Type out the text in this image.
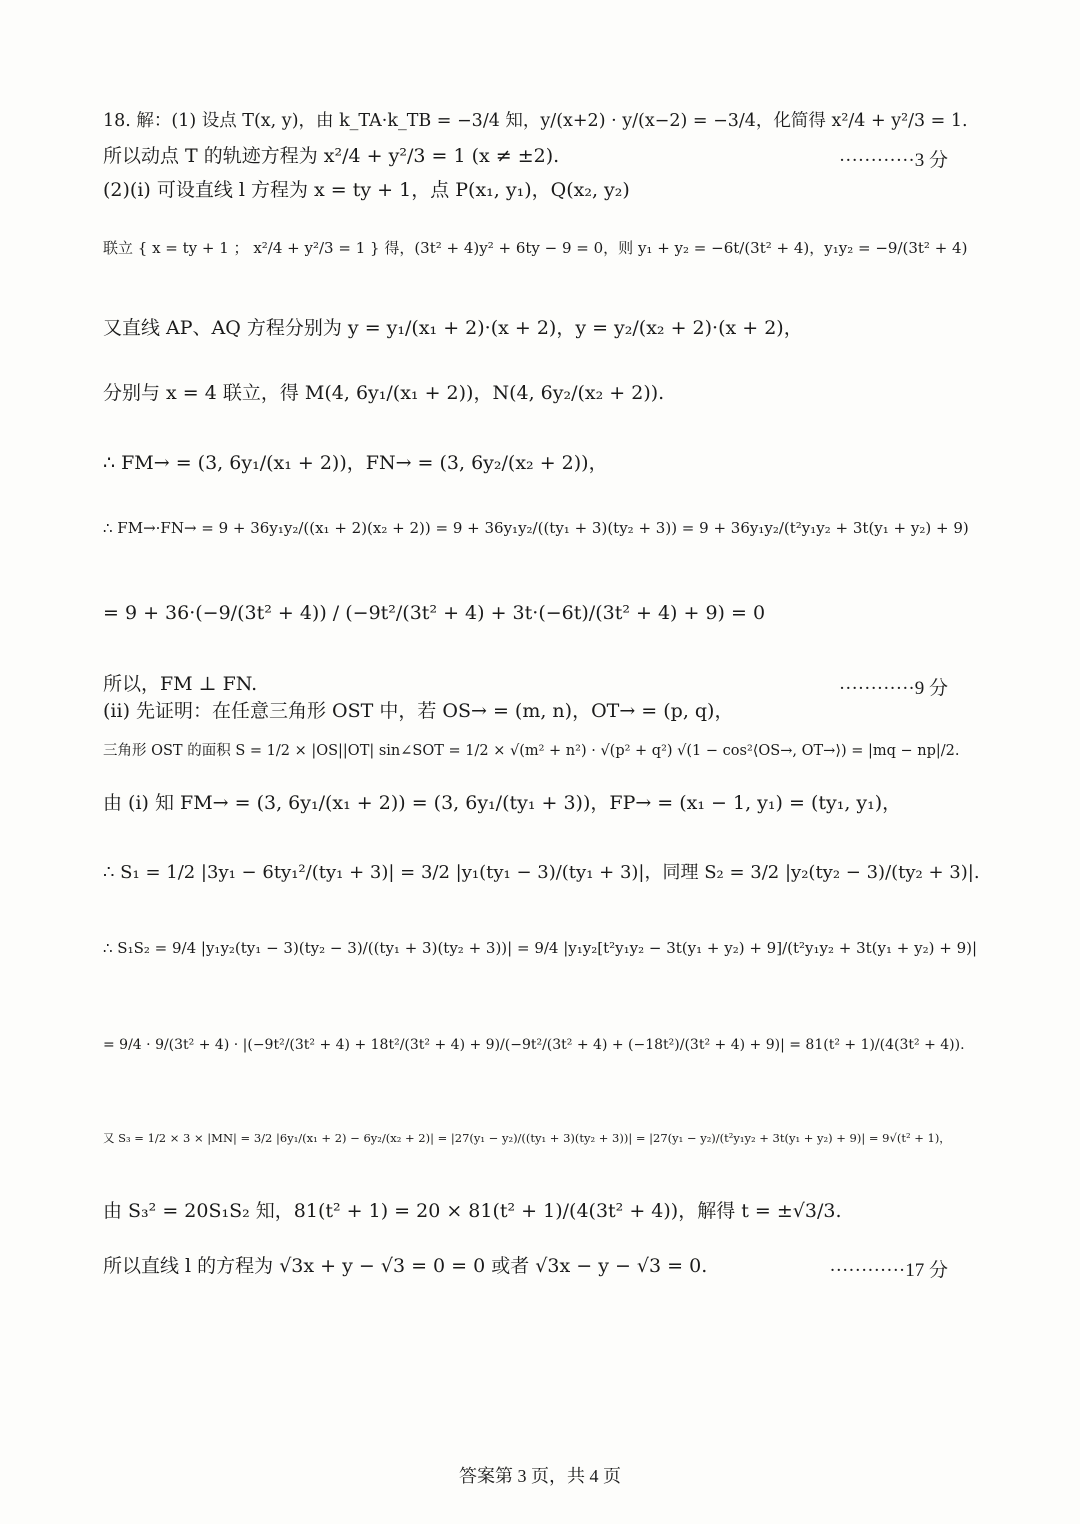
18. 解：(1) 设点 T(x, y)，由 k_TA·k_TB = −3/4 知，y/(x+2) · y/(x−2) = −3/4，化简得 x²/4 + y²/3 = 1.
所以动点 T 的轨迹方程为 x²/4 + y²/3 = 1 (x ≠ ±2).
(2)(i) 可设直线 l 方程为 x = ty + 1，点 P(x₁, y₁)，Q(x₂, y₂)
联立 { x = ty + 1 ； x²/4 + y²/3 = 1 } 得，(3t² + 4)y² + 6ty − 9 = 0，则 y₁ + y₂ = −6t/(3t² + 4)，y₁y₂ = −9/(3t² + 4)
又直线 AP、AQ 方程分别为 y = y₁/(x₁ + 2)·(x + 2)，y = y₂/(x₂ + 2)·(x + 2)，
分别与 x = 4 联立，得 M(4, 6y₁/(x₁ + 2))，N(4, 6y₂/(x₂ + 2)).
∴ FM→ = (3, 6y₁/(x₁ + 2))，FN→ = (3, 6y₂/(x₂ + 2))，
∴ FM→·FN→ = 9 + 36y₁y₂/((x₁ + 2)(x₂ + 2)) = 9 + 36y₁y₂/((ty₁ + 3)(ty₂ + 3)) = 9 + 36y₁y₂/(t²y₁y₂ + 3t(y₁ + y₂) + 9)
= 9 + 36·(−9/(3t² + 4)) / (−9t²/(3t² + 4) + 3t·(−6t)/(3t² + 4) + 9) = 0
所以，FM ⊥ FN.
(ii) 先证明：在任意三角形 OST 中，若 OS→ = (m, n)，OT→ = (p, q)，
三角形 OST 的面积 S = 1/2 × |OS||OT| sin∠SOT = 1/2 × √(m² + n²) · √(p² + q²) √(1 − cos²⟨OS→, OT→⟩) = |mq − np|/2.
由 (i) 知 FM→ = (3, 6y₁/(x₁ + 2)) = (3, 6y₁/(ty₁ + 3))，FP→ = (x₁ − 1, y₁) = (ty₁, y₁)，
∴ S₁ = 1/2 |3y₁ − 6ty₁²/(ty₁ + 3)| = 3/2 |y₁(ty₁ − 3)/(ty₁ + 3)|，同理 S₂ = 3/2 |y₂(ty₂ − 3)/(ty₂ + 3)|.
∴ S₁S₂ = 9/4 |y₁y₂(ty₁ − 3)(ty₂ − 3)/((ty₁ + 3)(ty₂ + 3))| = 9/4 |y₁y₂[t²y₁y₂ − 3t(y₁ + y₂) + 9]/(t²y₁y₂ + 3t(y₁ + y₂) + 9)|
= 9/4 · 9/(3t² + 4) · |(−9t²/(3t² + 4) + 18t²/(3t² + 4) + 9)/(−9t²/(3t² + 4) + (−18t²)/(3t² + 4) + 9)| = 81(t² + 1)/(4(3t² + 4)).
又 S₃ = 1/2 × 3 × |MN| = 3/2 |6y₁/(x₁ + 2) − 6y₂/(x₂ + 2)| = |27(y₁ − y₂)/((ty₁ + 3)(ty₂ + 3))| = |27(y₁ − y₂)/(t²y₁y₂ + 3t(y₁ + y₂) + 9)| = 9√(t² + 1)，
由 S₃² = 20S₁S₂ 知，81(t² + 1) = 20 × 81(t² + 1)/(4(3t² + 4))，解得 t = ±√3/3.
所以直线 l 的方程为 √3x + y − √3 = 0 = 0 或者 √3x − y − √3 = 0.
············3 分
············9 分
············17 分
答案第 3 页，共 4 页
